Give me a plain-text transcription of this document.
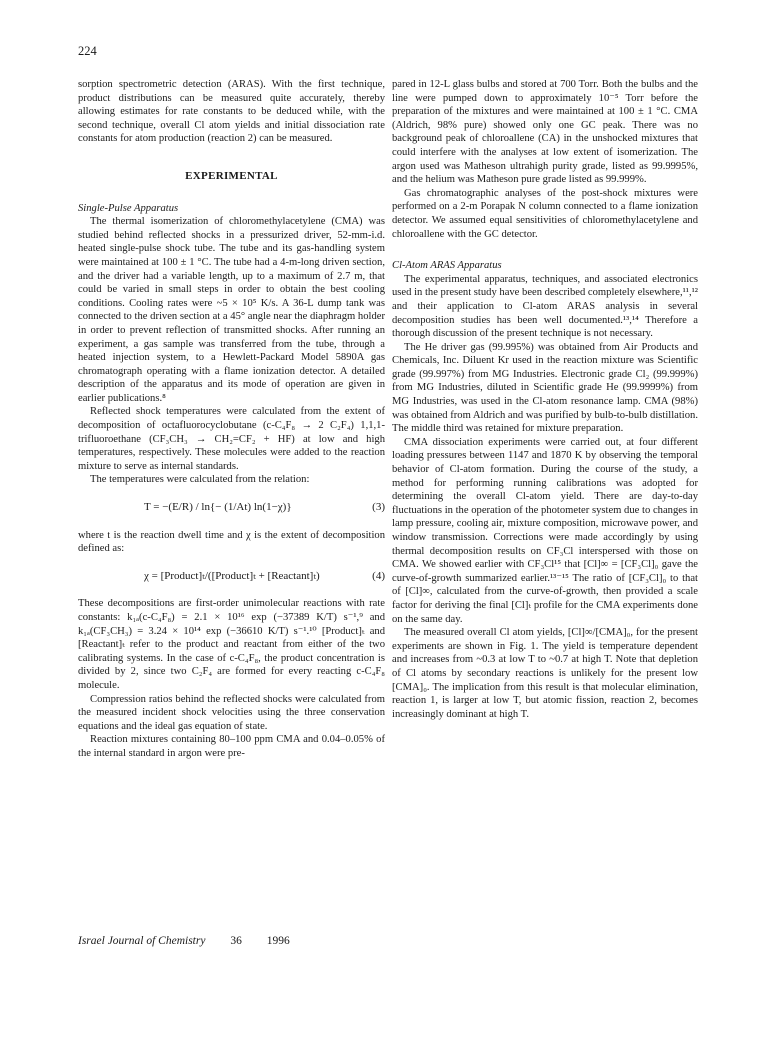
224

sorption spectrometric detection (ARAS). With the first technique, product distributions can be measured quite accurately, thereby allowing estimates for rate constants to be deduced while, with the second technique, overall Cl atom yields and initial dissociation rate constants for atom production (reaction 2) can be measured.

EXPERIMENTAL
Single-Pulse Apparatus

The thermal isomerization of chloromethylacetylene (CMA) was studied behind reflected shocks in a pressurized driver, 52-mm-i.d. heated single-pulse shock tube. The tube and its gas-handling system were maintained at 100 ± 1 °C. The tube had a 4-m-long driven section, and the driver had a variable length, up to a maximum of 2.7 m, that could be varied in small steps in order to obtain the best cooling conditions. Cooling rates were ~5 × 10⁵ K/s. A 36-L dump tank was connected to the driven section at a 45° angle near the diaphragm holder in order to prevent reflection of transmitted shocks. After running an experiment, a gas sample was transferred from the tube, through a heated injection system, to a Hewlett-Packard Model 5890A gas chromatograph operating with a flame ionization detector. A detailed description of the apparatus and its mode of operation are given in earlier publications.⁸

Reflected shock temperatures were calculated from the extent of decomposition of octafluorocyclobutane (c-C₄F₈ → 2 C₂F₄) 1,1,1-trifluoroethane (CF₃CH₃ → CH₂=CF₂ + HF) at low and high temperatures, respectively. These molecules were added to the reaction mixture to serve as internal standards.

The temperatures were calculated from the relation:

T = −(E/R) / ln{− (1/At) ln(1−χ)}	(3)

where t is the reaction dwell time and χ is the extent of decomposition defined as:

χ = [Product]ₜ/([Product]ₜ + [Reactant]ₜ)	(4)

These decompositions are first-order unimolecular reactions with rate constants: k₁ₐ(c-C₄F₈) = 2.1 × 10¹⁶ exp (−37389 K/T) s⁻¹,⁹ and k₁ₐ(CF₃CH₃) = 3.24 × 10¹⁴ exp (−36610 K/T) s⁻¹.¹⁰ [Product]ₜ and [Reactant]ₜ refer to the product and reactant from either of the two calibrating systems. In the case of c-C₄F₈, the product concentration is divided by 2, since two C₂F₄ are formed for every reacting c-C₄F₈ molecule.

Compression ratios behind the reflected shocks were calculated from the measured incident shock velocities using the three conservation equations and the ideal gas equation of state.

Reaction mixtures containing 80–100 ppm CMA and 0.04–0.05% of the internal standard in argon were pre-

pared in 12-L glass bulbs and stored at 700 Torr. Both the bulbs and the line were pumped down to approximately 10⁻⁵ Torr before the preparation of the mixtures and were maintained at 100 ± 1 °C. CMA (Aldrich, 98% pure) showed only one GC peak. There was no background peak of chloroallene (CA) in the unshocked mixtures that could interfere with the analyses at low extent of isomerization. The argon used was Matheson ultrahigh purity grade, listed as 99.9995%, and the helium was Matheson pure grade listed as 99.999%.

Gas chromatographic analyses of the post-shock mixtures were performed on a 2-m Porapak N column connected to a flame ionization detector. We assumed equal sensitivities of chloromethylacetylene and chloroallene with the GC detector.

Cl-Atom ARAS Apparatus

The experimental apparatus, techniques, and associated electronics used in the present study have been described completely elsewhere,¹¹,¹² and their application to Cl-atom ARAS analysis in several decomposition studies has been well documented.¹³,¹⁴ Therefore a thorough discussion of the present technique is not necessary.

The He driver gas (99.995%) was obtained from Air Products and Chemicals, Inc. Diluent Kr used in the reaction mixture was Scientific grade (99.997%) from MG Industries. Electronic grade Cl₂ (99.999%) from MG Industries, diluted in Scientific grade He (99.9999%) from MG Industries, was used in the Cl-atom resonance lamp. CMA (98%) was obtained from Aldrich and was purified by bulb-to-bulb distillation. The middle third was retained for mixture preparation.

CMA dissociation experiments were carried out, at four different loading pressures between 1147 and 1870 K by observing the temporal behavior of Cl-atom formation. During the course of the study, a method for performing running calibrations was adopted for determining the overall Cl-atom yield. There are day-to-day fluctuations in the operation of the photometer system due to changes in lamp pressure, cooling air, mixture composition, microwave power, and window transmission. Corrections were made accordingly by using thermal decomposition results on CF₃Cl interspersed with those on CMA. We showed earlier with CF₃Cl¹⁵ that [Cl]∞ = [CF₃Cl]₀ gave the curve-of-growth summarized earlier.¹³⁻¹⁵ The ratio of [CF₃Cl]₀ to that of [Cl]∞, calculated from the curve-of-growth, then provided a scale factor for deriving the final [Cl]ₜ profile for the CMA experiments done on the same day.

The measured overall Cl atom yields, [Cl]∞/[CMA]₀, for the present experiments are shown in Fig. 1. The yield is temperature dependent and increases from ~0.3 at low T to ~0.7 at high T. Note that depletion of Cl atoms by secondary reactions is unlikely for the present low [CMA]₀. The implication from this result is that molecular elimination, reaction 1, is larger at low T, but atomic fission, reaction 2, becomes increasingly dominant at high T.

Israel Journal of Chemistry 36 1996
